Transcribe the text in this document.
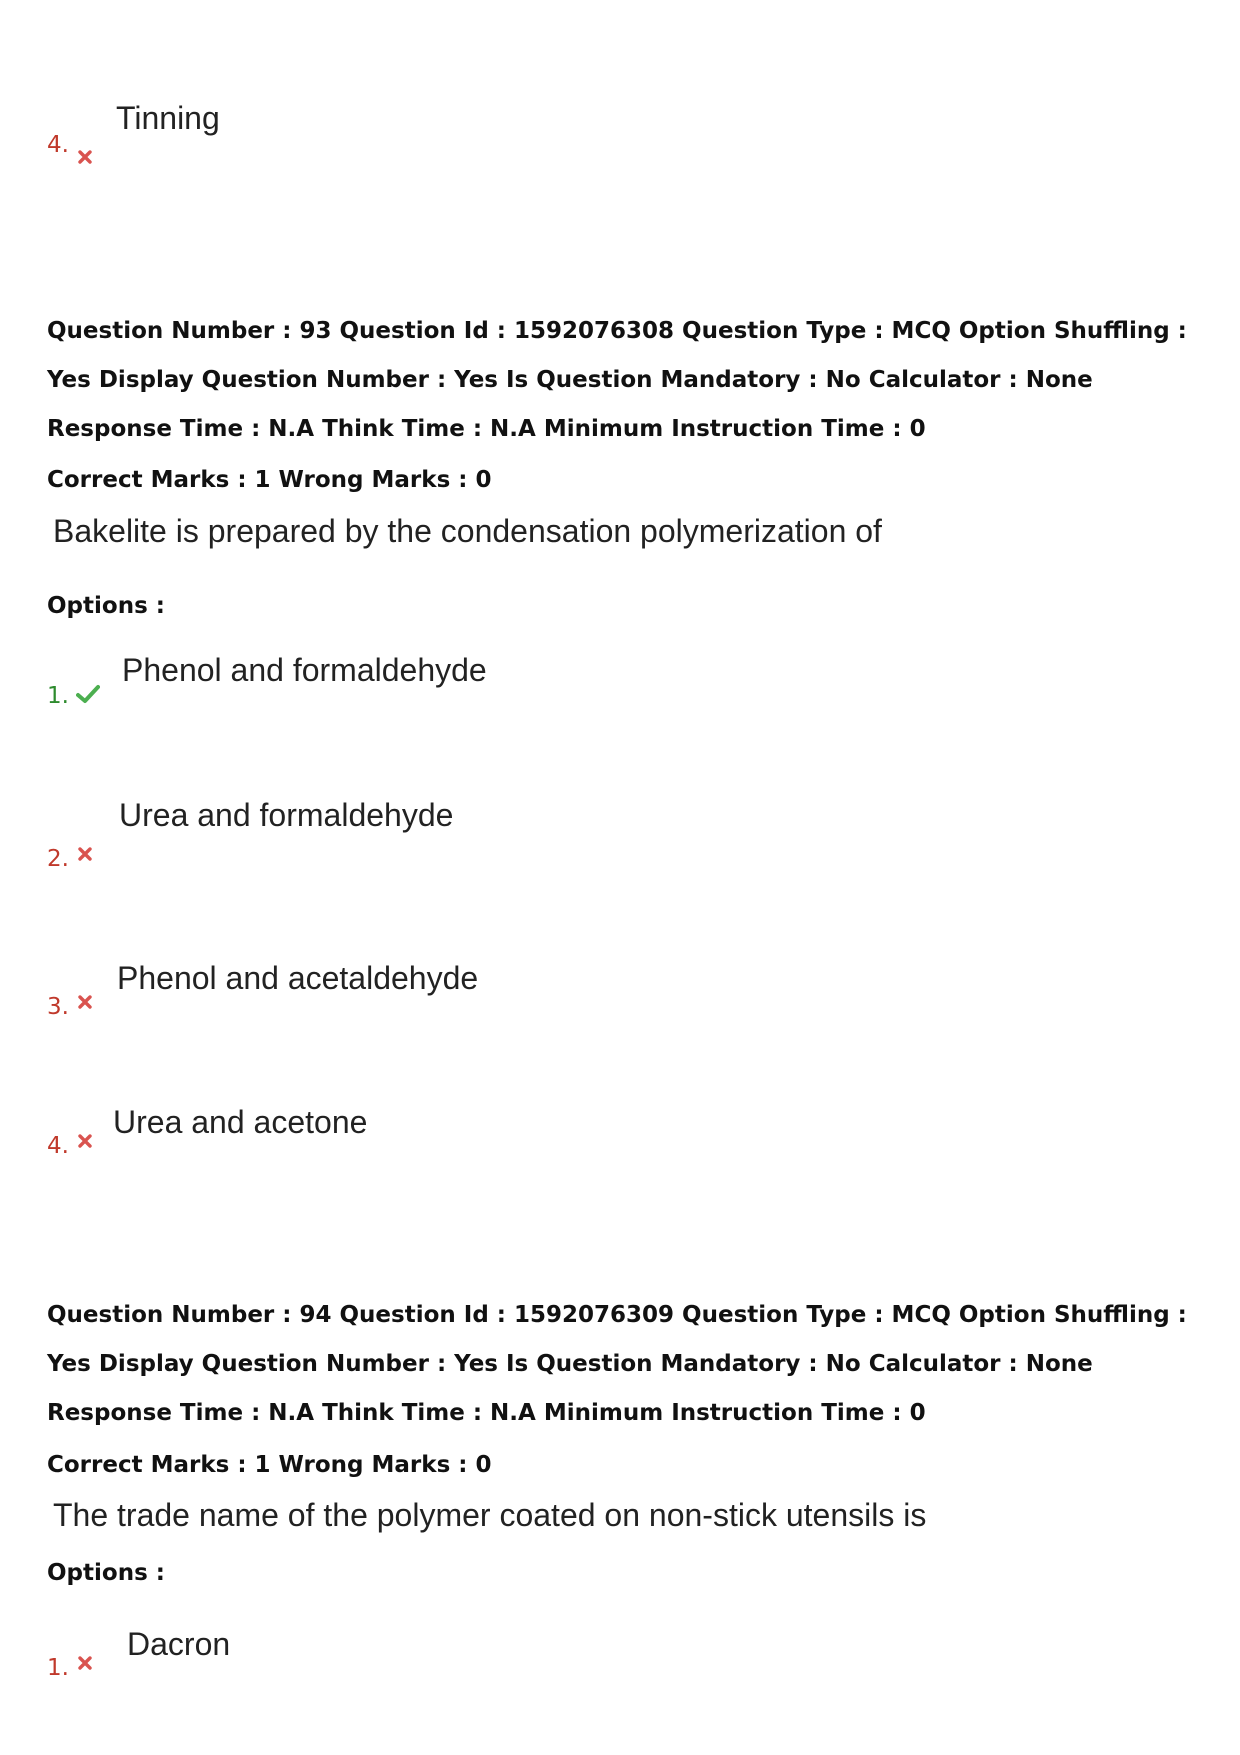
Tinning
4.
Question Number : 93 Question Id : 1592076308 Question Type : MCQ Option Shuffling : Yes Display Question Number : Yes Is Question Mandatory : No Calculator : None Response Time : N.A Think Time : N.A Minimum Instruction Time : 0
Correct Marks : 1 Wrong Marks : 0
Bakelite is prepared by the condensation polymerization of
Options :
Phenol and formaldehyde
1.
Urea and formaldehyde
2.
Phenol and acetaldehyde
3.
Urea and acetone
4.
Question Number : 94 Question Id : 1592076309 Question Type : MCQ Option Shuffling : Yes Display Question Number : Yes Is Question Mandatory : No Calculator : None Response Time : N.A Think Time : N.A Minimum Instruction Time : 0
Correct Marks : 1 Wrong Marks : 0
The trade name of the polymer coated on non-stick utensils is
Options :
Dacron
1.
